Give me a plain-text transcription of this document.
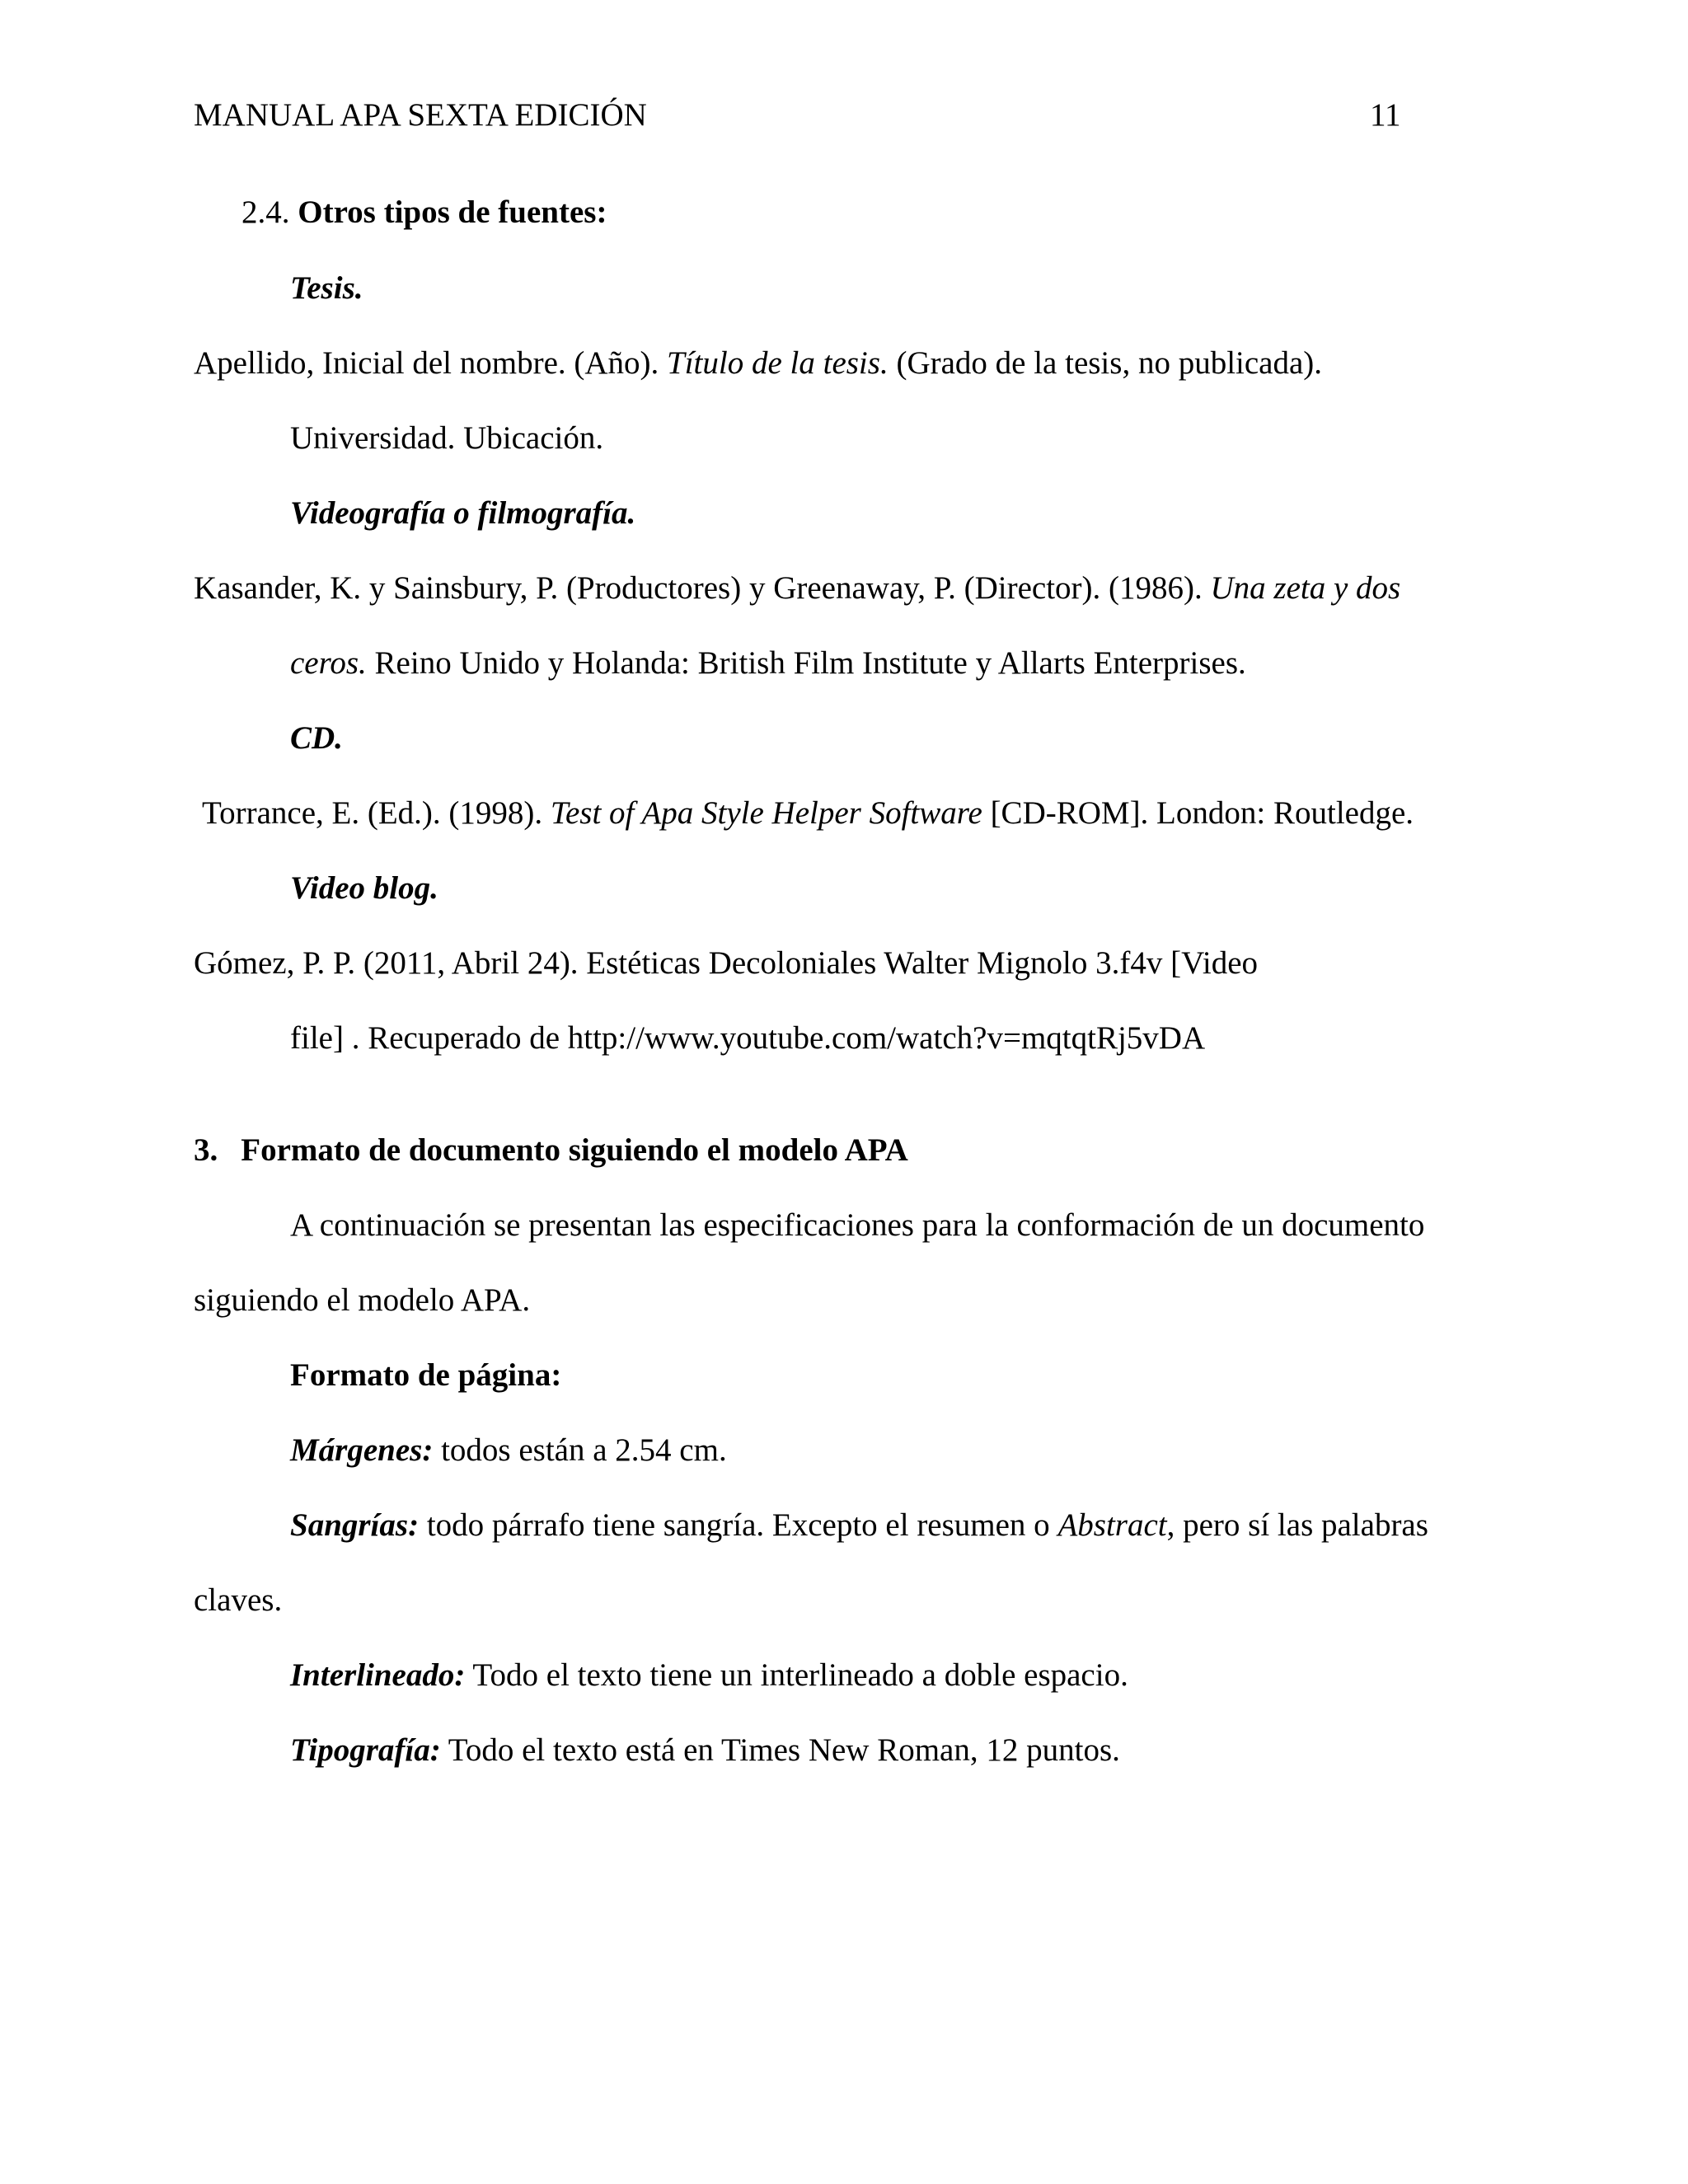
MANUAL APA SEXTA EDICIÓN	11
2.4. Otros tipos de fuentes:
Tesis.
Apellido, Inicial del nombre. (Año). Título de la tesis. (Grado de la tesis, no publicada).
Universidad. Ubicación.
Videografía o filmografía.
Kasander, K. y Sainsbury, P. (Productores) y Greenaway, P. (Director). (1986). Una zeta y dos
ceros. Reino Unido y Holanda: British Film Institute y Allarts Enterprises.
CD.
Torrance, E. (Ed.). (1998). Test of Apa Style Helper Software [CD-ROM]. London: Routledge.
Video blog.
Gómez, P. P. (2011, Abril 24). Estéticas Decoloniales Walter Mignolo 3.f4v [Video
file] . Recuperado de http://www.youtube.com/watch?v=mqtqtRj5vDA
3. Formato de documento siguiendo el modelo APA
A continuación se presentan las especificaciones para la conformación de un documento
siguiendo el modelo APA.
Formato de página:
Márgenes: todos están a 2.54 cm.
Sangrías: todo párrafo tiene sangría. Excepto el resumen o Abstract, pero sí las palabras
claves.
Interlineado: Todo el texto tiene un interlineado a doble espacio.
Tipografía: Todo el texto está en Times New Roman, 12 puntos.
